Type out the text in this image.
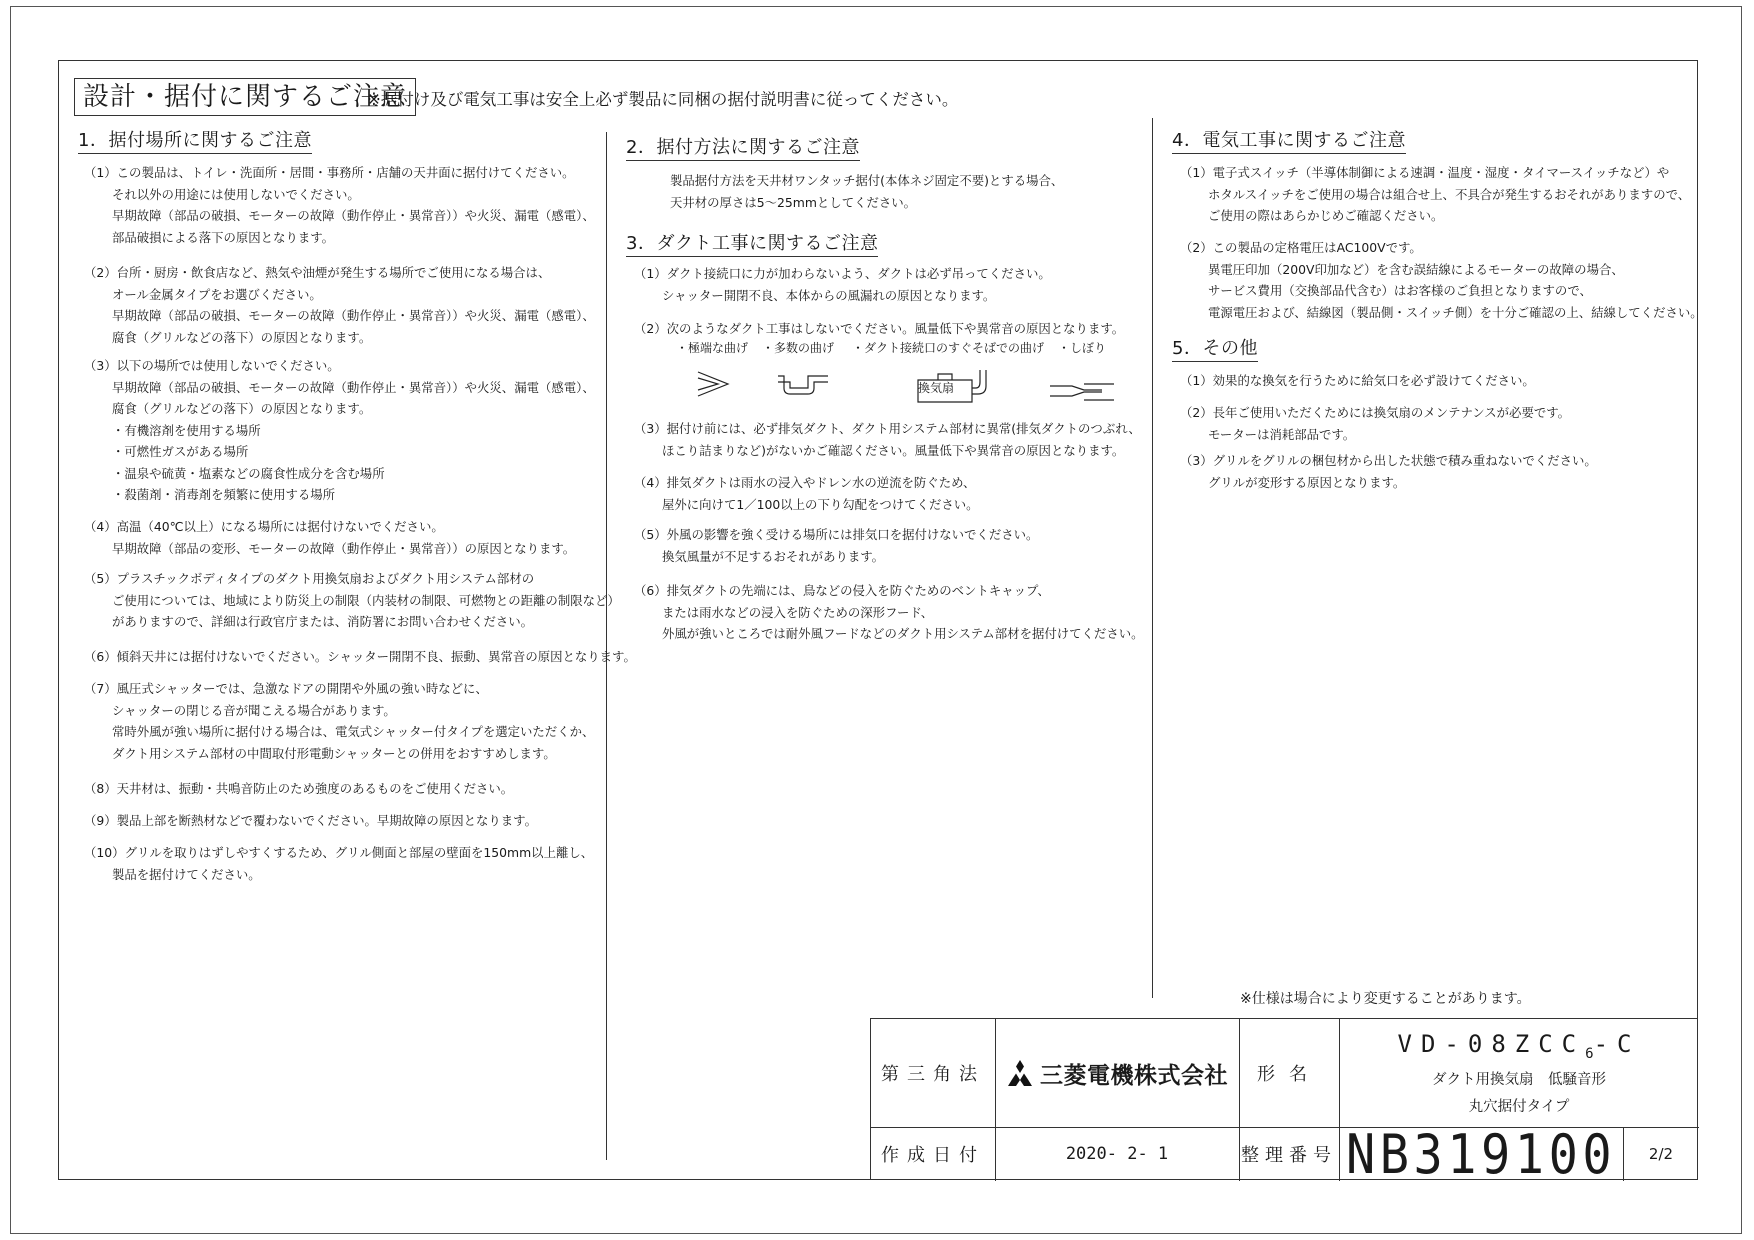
設計・据付に関するご注意
※据付け及び電気工事は安全上必ず製品に同梱の据付説明書に従ってください。
1．据付場所に関するご注意
（1）この製品は、トイレ・洗面所・居間・事務所・店舗の天井面に据付けてください。
それ以外の用途には使用しないでください。
早期故障（部品の破損、モーターの故障（動作停止・異常音））や火災、漏電（感電）、
部品破損による落下の原因となります。
（2）台所・厨房・飲食店など、熱気や油煙が発生する場所でご使用になる場合は、
オール金属タイプをお選びください。
早期故障（部品の破損、モーターの故障（動作停止・異常音））や火災、漏電（感電）、
腐食（グリルなどの落下）の原因となります。
（3）以下の場所では使用しないでください。
早期故障（部品の破損、モーターの故障（動作停止・異常音））や火災、漏電（感電）、
腐食（グリルなどの落下）の原因となります。
・有機溶剤を使用する場所
・可燃性ガスがある場所
・温泉や硫黄・塩素などの腐食性成分を含む場所
・殺菌剤・消毒剤を頻繁に使用する場所
（4）高温（40℃以上）になる場所には据付けないでください。
早期故障（部品の変形、モーターの故障（動作停止・異常音））の原因となります。
（5）プラスチックボディタイプのダクト用換気扇およびダクト用システム部材の
ご使用については、地域により防災上の制限（内装材の制限、可燃物との距離の制限など）
がありますので、詳細は行政官庁または、消防署にお問い合わせください。
（6）傾斜天井には据付けないでください。シャッター開閉不良、振動、異常音の原因となります。
（7）風圧式シャッターでは、急激なドアの開閉や外風の強い時などに、
シャッターの閉じる音が聞こえる場合があります。
常時外風が強い場所に据付ける場合は、電気式シャッター付タイプを選定いただくか、
ダクト用システム部材の中間取付形電動シャッターとの併用をおすすめします。
（8）天井材は、振動・共鳴音防止のため強度のあるものをご使用ください。
（9）製品上部を断熱材などで覆わないでください。早期故障の原因となります。
（10）グリルを取りはずしやすくするため、グリル側面と部屋の壁面を150mm以上離し、
製品を据付けてください。
2．据付方法に関するご注意
製品据付方法を天井材ワンタッチ据付(本体ネジ固定不要)とする場合、
天井材の厚さは5～25mmとしてください。
3．ダクト工事に関するご注意
（1）ダクト接続口に力が加わらないよう、ダクトは必ず吊ってください。
シャッター開閉不良、本体からの風漏れの原因となります。
（2）次のようなダクト工事はしないでください。風量低下や異常音の原因となります。
（3）据付け前には、必ず排気ダクト、ダクト用システム部材に異常(排気ダクトのつぶれ、
ほこり詰まりなど)がないかご確認ください。風量低下や異常音の原因となります。
（4）排気ダクトは雨水の浸入やドレン水の逆流を防ぐため、
屋外に向けて1／100以上の下り勾配をつけてください。
（5）外風の影響を強く受ける場所には排気口を据付けないでください。
換気風量が不足するおそれがあります。
（6）排気ダクトの先端には、鳥などの侵入を防ぐためのベントキャップ、
または雨水などの浸入を防ぐための深形フード、
外風が強いところでは耐外風フードなどのダクト用システム部材を据付けてください。
・極端な曲げ ・多数の曲げ ・ダクト接続口のすぐそばでの曲げ ・しぼり
換気扇
4．電気工事に関するご注意
（1）電子式スイッチ（半導体制御による速調・温度・湿度・タイマースイッチなど）や
ホタルスイッチをご使用の場合は組合せ上、不具合が発生するおそれがありますので、
ご使用の際はあらかじめご確認ください。
（2）この製品の定格電圧はAC100Vです。
異電圧印加（200V印加など）を含む誤結線によるモーターの故障の場合、
サービス費用（交換部品代含む）はお客様のご負担となりますので、
電源電圧および、結線図（製品側・スイッチ側）を十分ご確認の上、結線してください。
5．その他
（1）効果的な換気を行うために給気口を必ず設けてください。
（2）長年ご使用いただくためには換気扇のメンテナンスが必要です。
モーターは消耗部品です。
（3）グリルをグリルの梱包材から出した状態で積み重ねないでください。
グリルが変形する原因となります。
※仕様は場合により変更することがあります。
第三角法	三菱電機株式会社	形名
$VD-08ZCC_6-C$
ダクト用換気扇　低騒音形
丸穴据付タイプ
作成日付	2020- 2- 1	整理番号 NB319100	2/2
